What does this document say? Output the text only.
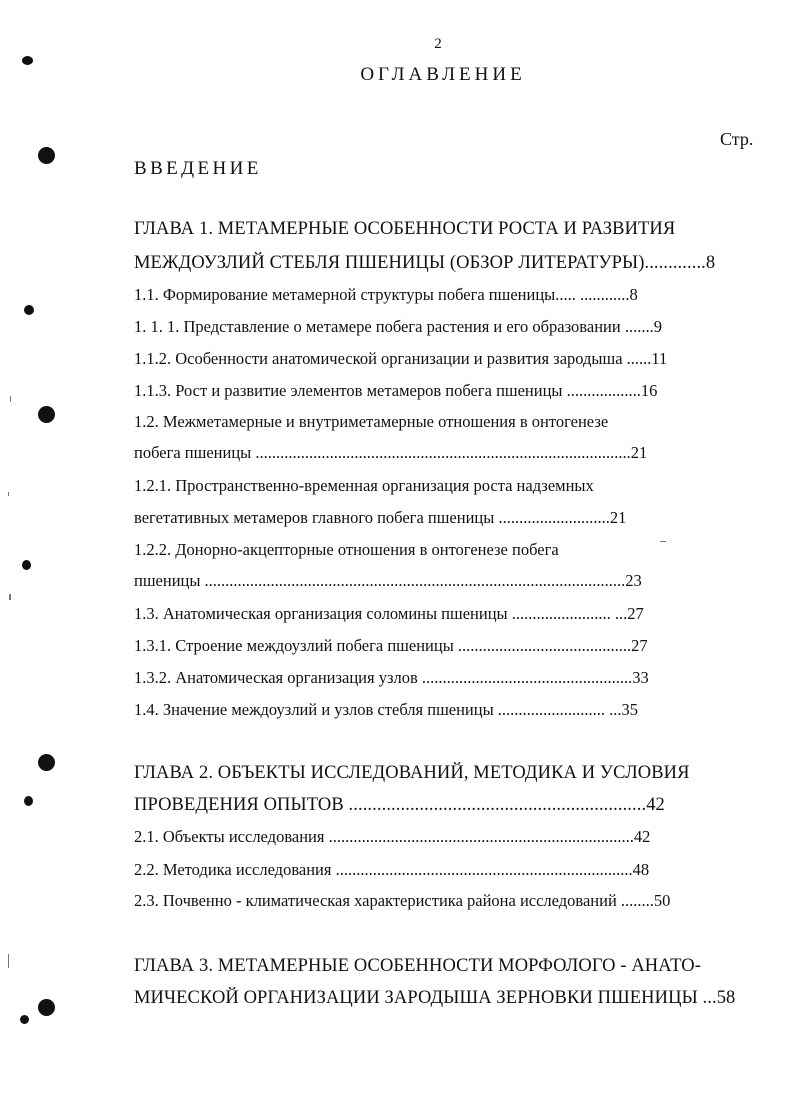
2
ОГЛАВЛЕНИЕ
Стр.
ВВЕДЕНИЕ
ГЛАВА 1. МЕТАМЕРНЫЕ ОСОБЕННОСТИ РОСТА И РАЗВИТИЯ
МЕЖДОУЗЛИЙ СТЕБЛЯ ПШЕНИЦЫ (ОБЗОР ЛИТЕРАТУРЫ).............8
1.1. Формирование метамерной структуры побега пшеницы..... ............8
1. 1. 1. Представление о метамере побега растения и его образовании .......9
1.1.2. Особенности анатомической организации и развития зародыша ......11
1.1.3. Рост и развитие элементов метамеров побега пшеницы ..................16
1.2. Межметамерные и внутриметамерные отношения в онтогенезе
побега пшеницы ...........................................................................................21
1.2.1. Пространственно-временная организация роста надземных
вегетативных метамеров главного побега пшеницы ...........................21
1.2.2. Донорно-акцепторные отношения в онтогенезе побега
пшеницы ......................................................................................................23
1.3. Анатомическая организация соломины пшеницы ........................ ...27
1.3.1. Строение междоузлий побега пшеницы ..........................................27
1.3.2. Анатомическая организация узлов ...................................................33
1.4. Значение междоузлий и узлов стебля пшеницы .......................... ...35
ГЛАВА 2. ОБЪЕКТЫ ИССЛЕДОВАНИЙ, МЕТОДИКА И УСЛОВИЯ
ПРОВЕДЕНИЯ ОПЫТОВ ...............................................................42
2.1. Объекты исследования ..........................................................................42
2.2. Методика исследования ........................................................................48
2.3. Почвенно - климатическая характеристика района исследований ........50
ГЛАВА 3. МЕТАМЕРНЫЕ ОСОБЕННОСТИ МОРФОЛОГО - АНАТО-
МИЧЕСКОЙ ОРГАНИЗАЦИИ ЗАРОДЫША ЗЕРНОВКИ ПШЕНИЦЫ ...58
